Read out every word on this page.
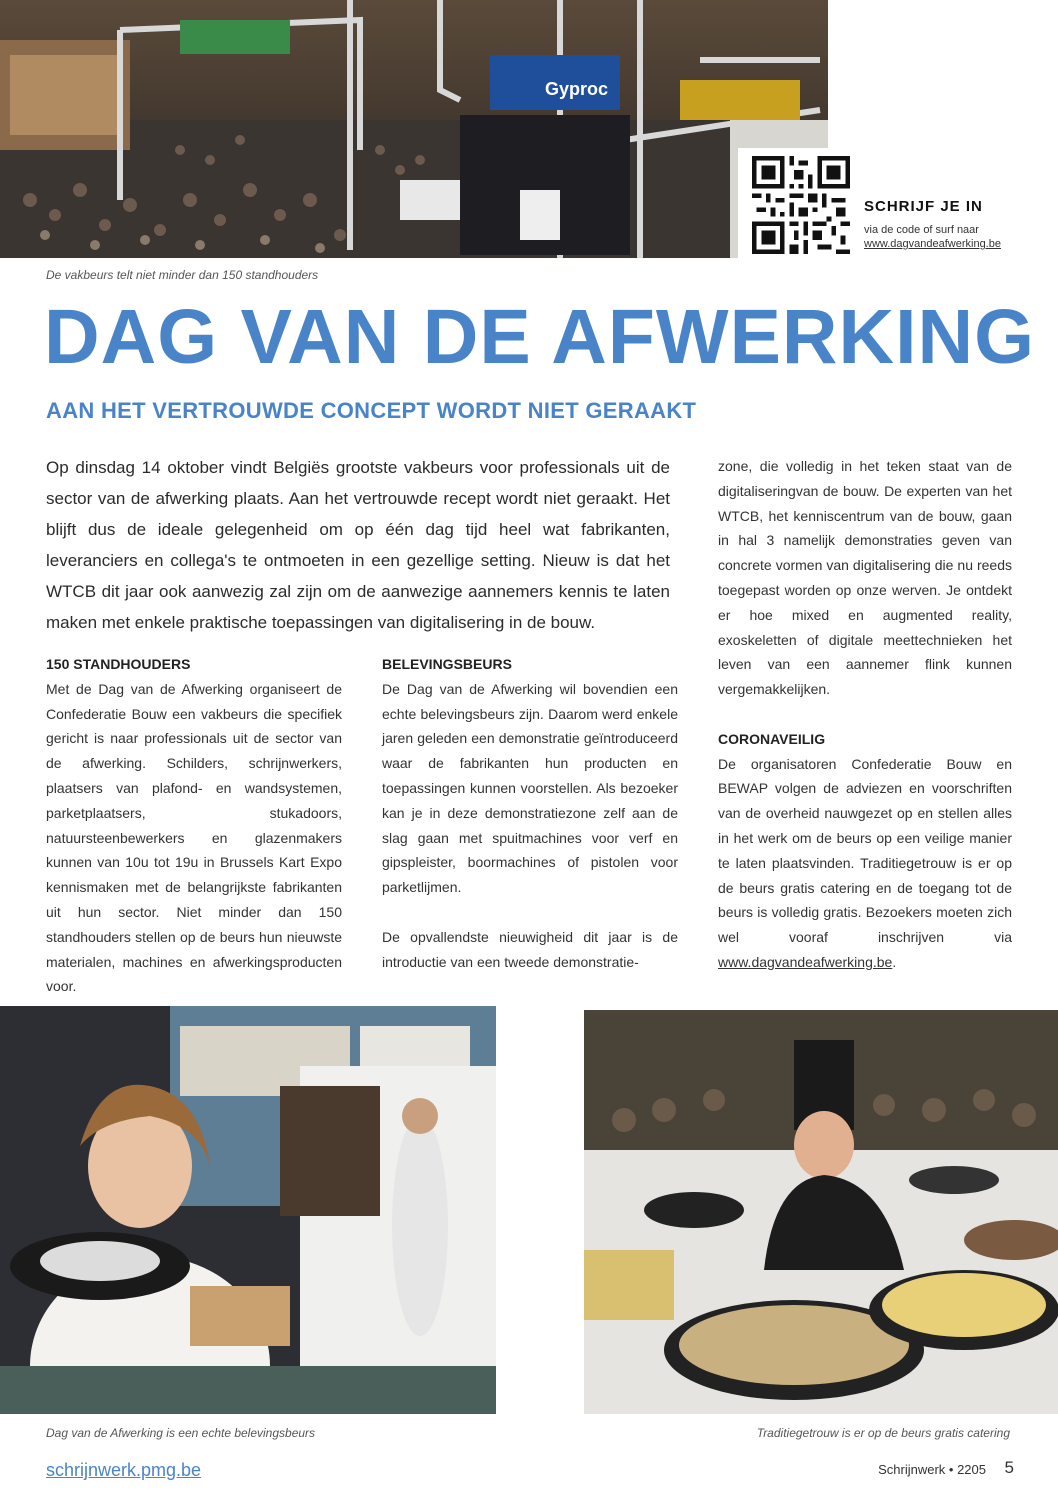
Gyproc
SCHRIJF JE IN
via de code of surf naar
www.dagvandeafwerking.be
De vakbeurs telt niet minder dan 150 standhouders
DAG VAN DE AFWERKING
AAN HET VERTROUWDE CONCEPT WORDT NIET GERAAKT

Op dinsdag 14 oktober vindt Belgiës grootste vakbeurs voor professionals uit de sector van de afwerking plaats. Aan het vertrouwde recept wordt niet geraakt. Het blijft dus de ideale gelegenheid om op één dag tijd heel wat fabrikanten, leveranciers en collega's te ontmoeten in een gezellige setting. Nieuw is dat het WTCB dit jaar ook aanwezig zal zijn om de aanwezige aannemers kennis te laten maken met enkele praktische toepassingen van digitalisering in de bouw.

150 STANDHOUDERS

Met de Dag van de Afwerking organiseert de Confederatie Bouw een vakbeurs die specifiek gericht is naar professionals uit de sector van de afwerking. Schilders, schrijnwerkers, plaatsers van plafond- en wandsystemen, parketplaatsers, stukadoors, natuursteenbewerkers en glazenmakers kunnen van 10u tot 19u in Brussels Kart Expo kennismaken met de belangrijkste fabrikanten uit hun sector. Niet minder dan 150 standhouders stellen op de beurs hun nieuwste materialen, machines en afwerkingsproducten voor.

BELEVINGSBEURS

De Dag van de Afwerking wil bovendien een echte belevingsbeurs zijn. Daarom werd enkele jaren geleden een demonstratie geïntroduceerd waar de fabrikanten hun producten en toepassingen kunnen voorstellen. Als bezoeker kan je in deze demonstratiezone zelf aan de slag gaan met spuitmachines voor verf en gipspleister, boormachines of pistolen voor parketlijmen.

De opvallendste nieuwigheid dit jaar is de introductie van een tweede demonstratie-

zone, die volledig in het teken staat van de digitaliseringvan de bouw. De experten van het WTCB, het kenniscentrum van de bouw, gaan in hal 3 namelijk demonstraties geven van concrete vormen van digitalisering die nu reeds toegepast worden op onze werven. Je ontdekt er hoe mixed en augmented reality, exoskeletten of digitale meettechnieken het leven van een aannemer flink kunnen vergemakkelijken.

CORONAVEILIG

De organisatoren Confederatie Bouw en BEWAP volgen de adviezen en voorschriften van de overheid nauwgezet op en stellen alles in het werk om de beurs op een veilige manier te laten plaatsvinden. Traditiegetrouw is er op de beurs gratis catering en de toegang tot de beurs is volledig gratis. Bezoekers moeten zich wel vooraf inschrijven via www.dagvandeafwerking.be.

Dag van de Afwerking is een echte belevingsbeurs	Traditiegetrouw is er op de beurs gratis catering
schrijnwerk.pmg.be	Schrijnwerk • 2205 5
